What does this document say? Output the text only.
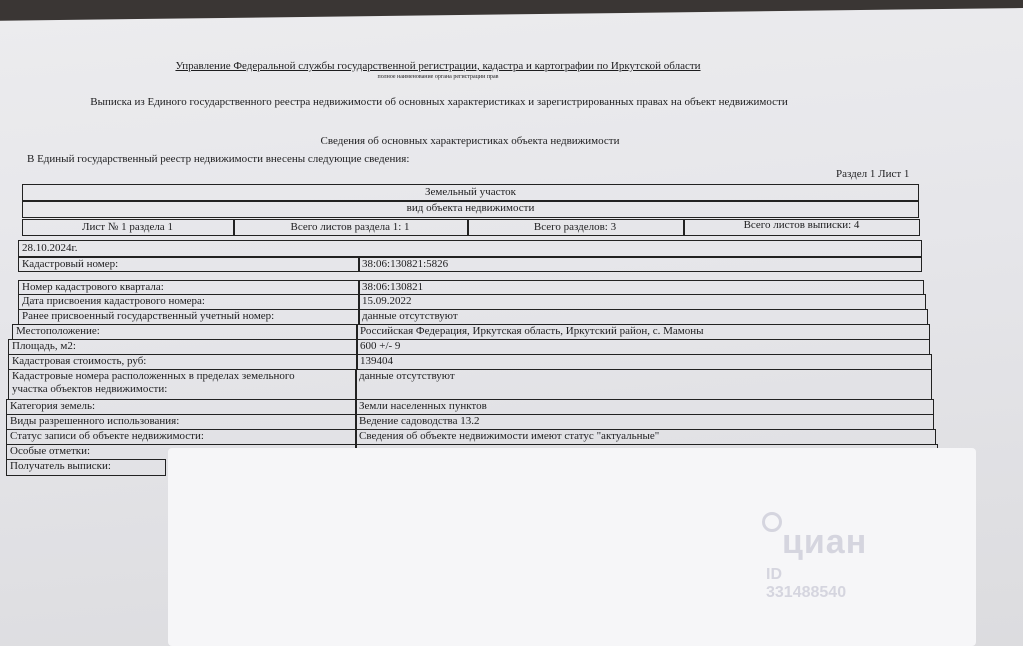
Управление Федеральной службы государственной регистрации, кадастра и картографии по Иркутской области
полное наименование органа регистрации прав
Выписка из Единого государственного реестра недвижимости об основных характеристиках и зарегистрированных правах на объект недвижимости
Сведения об основных характеристиках объекта недвижимости
В Единый государственный реестр недвижимости внесены следующие сведения:
Раздел 1 Лист 1
Земельный участок
вид объекта недвижимости
Лист № 1 раздела 1	Всего листов раздела 1: 1	Всего разделов: 3	Всего листов выписки: 4
28.10.2024г.
Кадастровый номер:	38:06:130821:5826
Номер кадастрового квартала:	38:06:130821
Дата присвоения кадастрового номера:	15.09.2022
Ранее присвоенный государственный учетный номер:	данные отсутствуют
Местоположение:	Российская Федерация, Иркутская область, Иркутский район, с. Мамоны
Площадь, м2:	600 +/- 9
Кадастровая стоимость, руб:	139404
Кадастровые номера расположенных в пределах земельного
участка объектов недвижимости:
данные отсутствуют
Категория земель:	Земли населенных пунктов
Виды разрешенного использования:	Ведение садоводства 13.2
Статус записи об объекте недвижимости:	Сведения об объекте недвижимости имеют статус "актуальные"
Особые отметки:
Получатель выписки:
циан
ID 331488540
